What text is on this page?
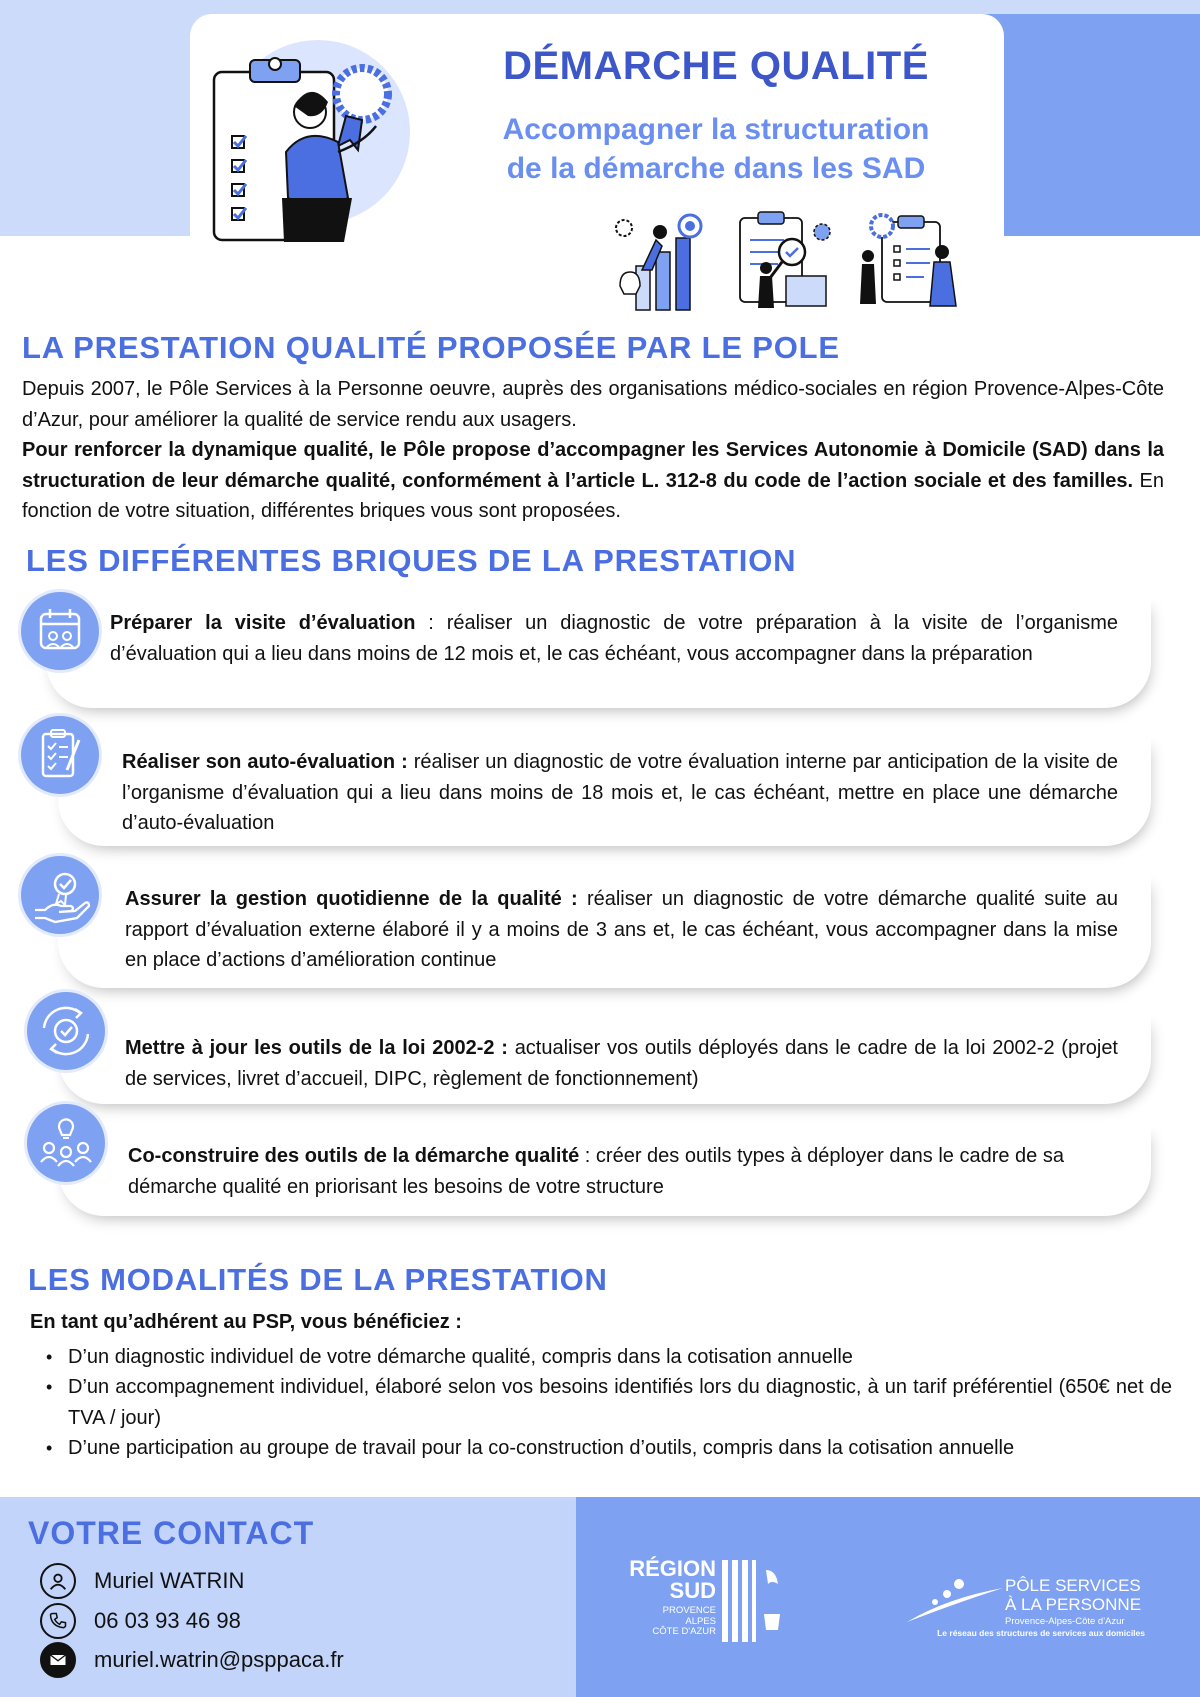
DÉMARCHE QUALITÉ
Accompagner la structuration
de la démarche dans les SAD
LA PRESTATION QUALITÉ PROPOSÉE PAR LE POLE

Depuis 2007, le Pôle Services à la Personne oeuvre, auprès des organisations médico-sociales en région Provence-Alpes-Côte d’Azur, pour améliorer la qualité de service rendu aux usagers.

Pour renforcer la dynamique qualité, le Pôle propose d’accompagner les Services Autonomie à Domicile (SAD) dans la structuration de leur démarche qualité, conformément à l’article L. 312-8 du code de l’action sociale et des familles. En fonction de votre situation, différentes briques vous sont proposées.

LES DIFFÉRENTES BRIQUES DE LA PRESTATION

Préparer la visite d’évaluation : réaliser un diagnostic de votre préparation à la visite de l’organisme d’évaluation qui a lieu dans moins de 12 mois et, le cas échéant, vous accompagner dans la préparation

Réaliser son auto-évaluation : réaliser un diagnostic de votre évaluation interne par anticipation de la visite de l’organisme d’évaluation qui a lieu dans moins de 18 mois et, le cas échéant, mettre en place une démarche d’auto-évaluation

Assurer la gestion quotidienne de la qualité : réaliser un diagnostic de votre démarche qualité suite au rapport d’évaluation externe élaboré il y a moins de 3 ans et, le cas échéant, vous accompagner dans la mise en place d’actions d’amélioration continue

Mettre à jour les outils de la loi 2002-2 : actualiser vos outils déployés dans le cadre de la loi 2002-2 (projet de services, livret d’accueil, DIPC, règlement de fonctionnement)

Co-construire des outils de la démarche qualité : créer des outils types à déployer dans le cadre de sa démarche qualité en priorisant les besoins de votre structure

LES MODALITÉS DE LA PRESTATION

En tant qu’adhérent au PSP, vous bénéficiez :

• D’un diagnostic individuel de votre démarche qualité, compris dans la cotisation annuelle
• D’un accompagnement individuel, élaboré selon vos besoins identifiés lors du diagnostic, à un tarif préférentiel (650€ net de TVA / jour)
• D’une participation au groupe de travail pour la co-construction d’outils, compris dans la cotisation annuelle
VOTRE CONTACT
Muriel WATRIN
06 03 93 46 98
muriel.watrin@psppaca.fr
RÉGION
SUD
PROVENCE
ALPES
CÔTE D'AZUR
PÔLE SERVICES
À LA PERSONNE
Provence-Alpes-Côte d'Azur
Le réseau des structures de services aux domiciles
